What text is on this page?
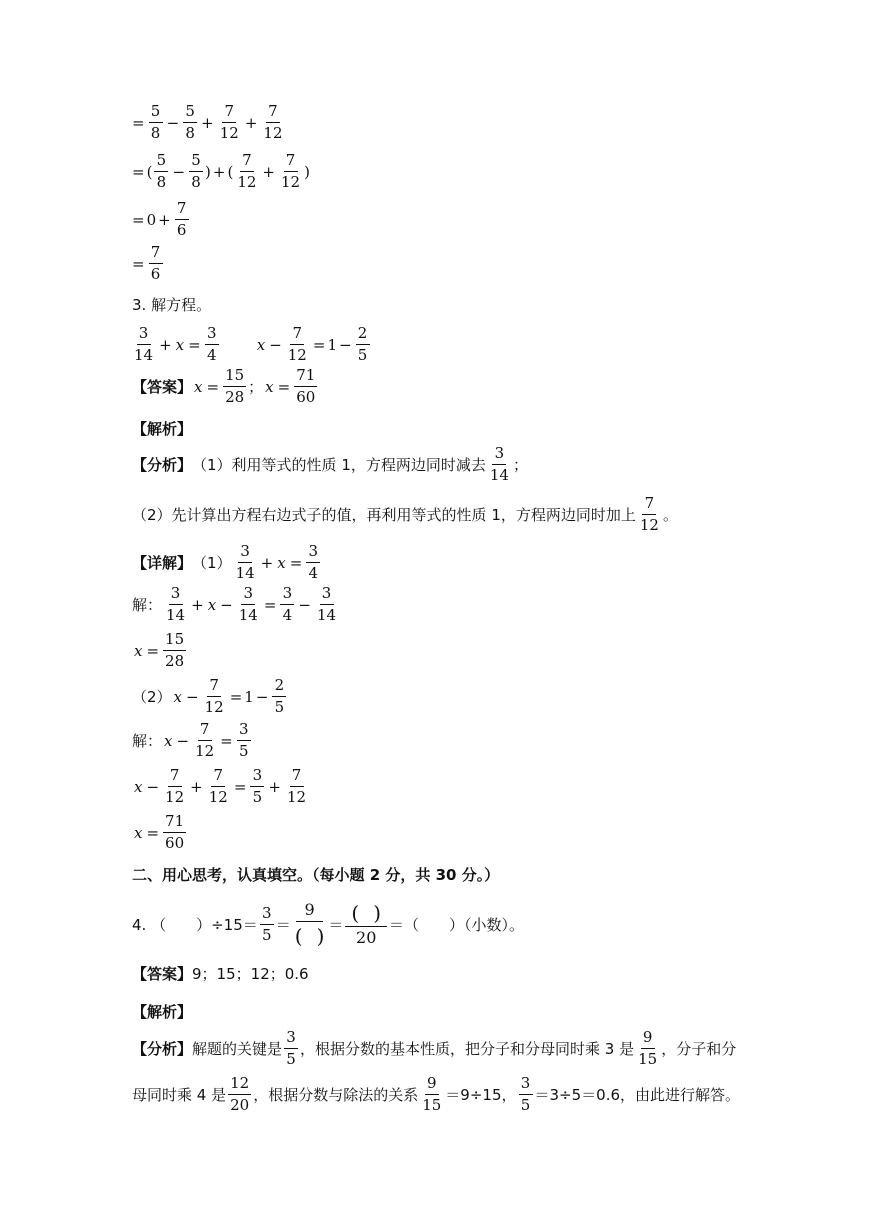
= $\frac{5}{8} - \frac{5}{8} + \frac{7}{12} + \frac{7}{12}$
= ( $\frac{5}{8} - \frac{5}{8}$ ) + ( $\frac{7}{12} + \frac{7}{12}$ )
= $0 + \frac{7}{6}$
= $\frac{7}{6}$
3. 解方程。
$\frac{3}{14} + x = \frac{3}{4}$	$x - \frac{7}{12} = 1 - \frac{2}{5}$
【答案】 $x = \frac{15}{28}$ ； $x = \frac{71}{60}$
【解析】
【分析】 （1）利用等式的性质 1，方程两边同时减去 $\frac{3}{14}$ ；
（2）先计算出方程右边式子的值，再利用等式的性质 1，方程两边同时加上 $\frac{7}{12}$ 。
【详解】 $(1) \frac{3}{14} + x = \frac{3}{4}$
解： $\frac{3}{14} + x - \frac{3}{14} = \frac{3}{4} - \frac{3}{14}$
$x = \frac{15}{28}$
（2） $x - \frac{7}{12} = 1 - \frac{2}{5}$
解： $x - \frac{7}{12} = \frac{3}{5}$
$x - \frac{7}{12} + \frac{7}{12} = \frac{3}{5} + \frac{7}{12}$
$x = \frac{71}{60}$
二、用心思考，认真填空。（每小题 2 分，共 30 分。）
4. （　　）$\div 15= \frac{3}{5} = \frac{9}{( )} = \frac{( )}{20}$ ＝（　　）（小数）。
【答案】 9；15；12；0.6
【解析】
【分析】 解题的关键是 $\frac{3}{5}$ ，根据分数的基本性质，把分子和分母同时乘 3 是 $\frac{9}{15}$ ，分子和分
母同时乘 4 是 $\frac{12}{20}$ ，根据分数与除法的关系 $\frac{9}{15} =9\div 15$， $\frac{3}{5} =3\div 5=0.6$，由此进行解答。
